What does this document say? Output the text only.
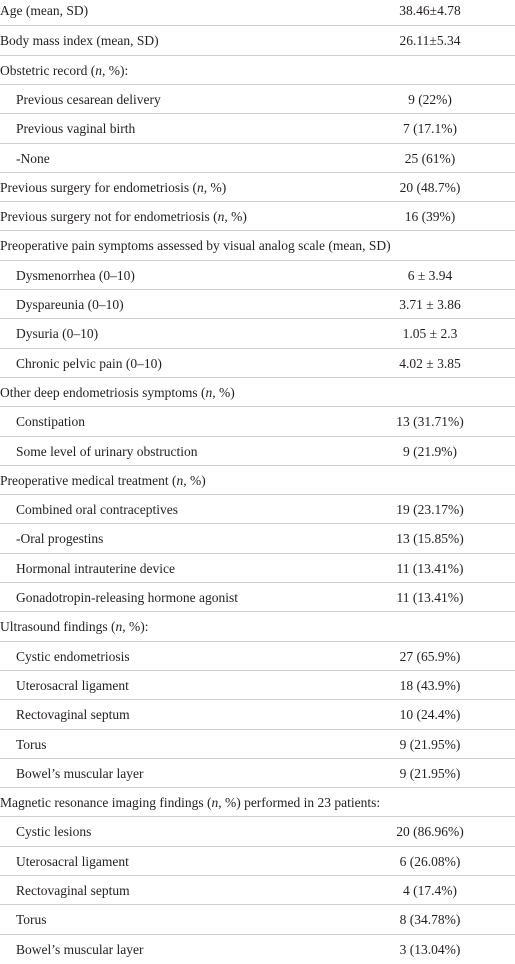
Age (mean, SD)	38.46±4.78
Body mass index (mean, SD)	26.11±5.34
Obstetric record (n, %):
Previous cesarean delivery	9 (22%)
Previous vaginal birth	7 (17.1%)
-None	25 (61%)
Previous surgery for endometriosis (n, %)	20 (48.7%)
Previous surgery not for endometriosis (n, %)	16 (39%)
Preoperative pain symptoms assessed by visual analog scale (mean, SD)
Dysmenorrhea (0–10)	6 ± 3.94
Dyspareunia (0–10)	3.71 ± 3.86
Dysuria (0–10)	1.05 ± 2.3
Chronic pelvic pain (0–10)	4.02 ± 3.85
Other deep endometriosis symptoms (n, %)
Constipation	13 (31.71%)
Some level of urinary obstruction	9 (21.9%)
Preoperative medical treatment (n, %)
Combined oral contraceptives	19 (23.17%)
-Oral progestins	13 (15.85%)
Hormonal intrauterine device	11 (13.41%)
Gonadotropin-releasing hormone agonist	11 (13.41%)
Ultrasound findings (n, %):
Cystic endometriosis	27 (65.9%)
Uterosacral ligament	18 (43.9%)
Rectovaginal septum	10 (24.4%)
Torus	9 (21.95%)
Bowel’s muscular layer	9 (21.95%)
Magnetic resonance imaging findings (n, %) performed in 23 patients:
Cystic lesions	20 (86.96%)
Uterosacral ligament	6 (26.08%)
Rectovaginal septum	4 (17.4%)
Torus	8 (34.78%)
Bowel’s muscular layer	3 (13.04%)
